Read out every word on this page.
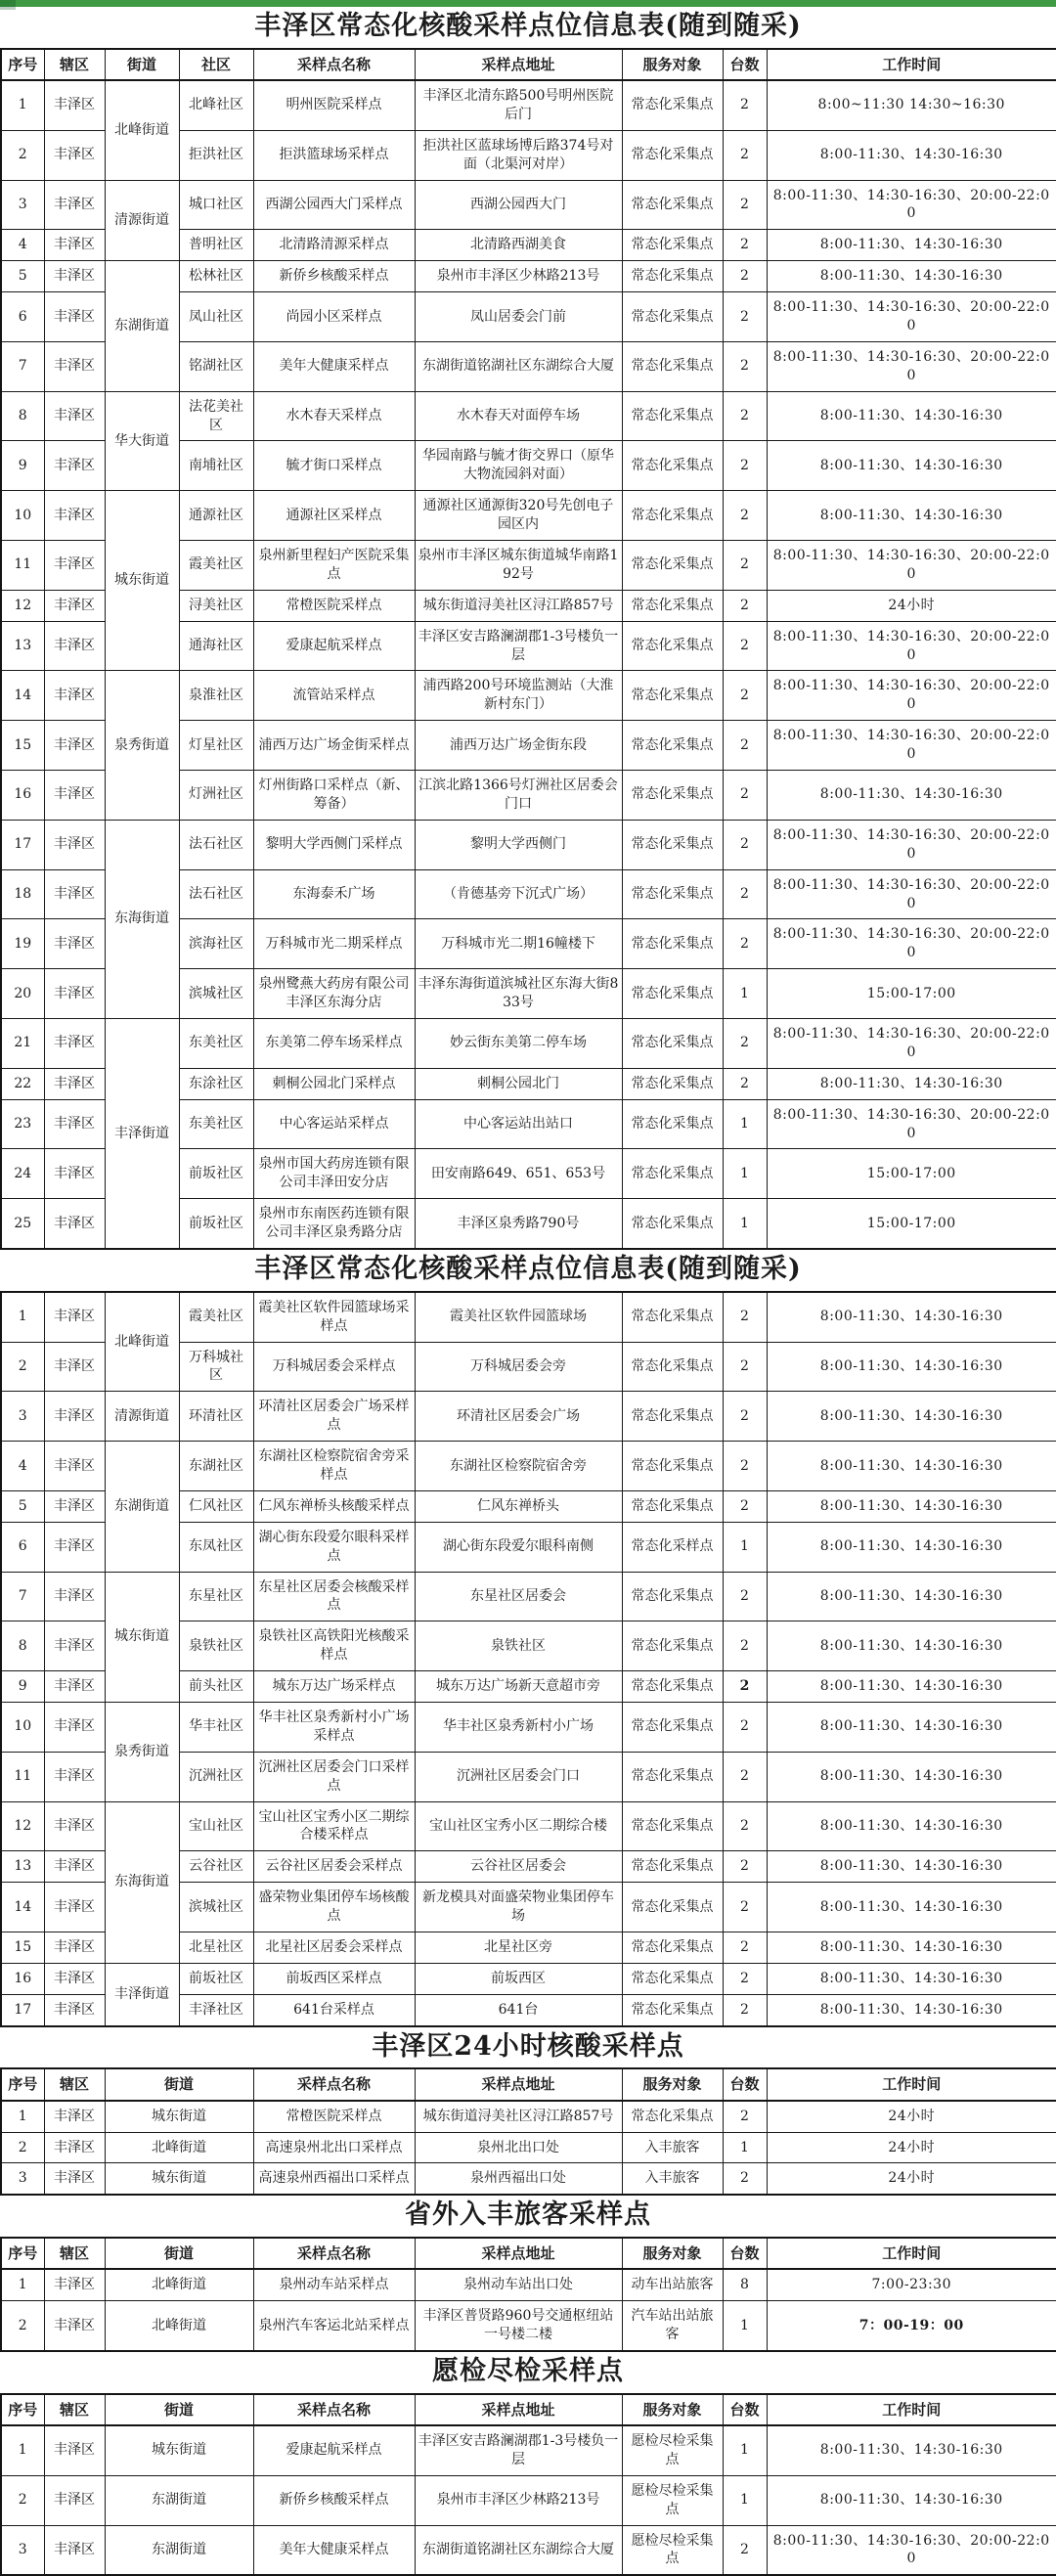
丰泽区常态化核酸采样点位信息表(随到随采)
序号	辖区	街道	社区	采样点名称	采样点地址	服务对象	台数	工作时间
1	丰泽区	北峰街道	北峰社区	明州医院采样点	丰泽区北清东路500号明州医院后门	常态化采集点	2	8:00~11:30 14:30~16:30
2	丰泽区		拒洪社区	拒洪篮球场采样点	拒洪社区蓝球场博后路374号对面（北渠河对岸）	常态化采集点	2	8:00-11:30、14:30-16:30
3	丰泽区	清源街道	城口社区	西湖公园西大门采样点	西湖公园西大门	常态化采集点	2	8:00-11:30、14:30-16:30、20:00-22:00
4	丰泽区		普明社区	北清路清源采样点	北清路西湖美食	常态化采集点	2	8:00-11:30、14:30-16:30
5	丰泽区	东湖街道	松林社区	新侨乡核酸采样点	泉州市丰泽区少林路213号	常态化采集点	2	8:00-11:30、14:30-16:30
6	丰泽区		凤山社区	尚园小区采样点	凤山居委会门前	常态化采集点	2	8:00-11:30、14:30-16:30、20:00-22:00
7	丰泽区		铭湖社区	美年大健康采样点	东湖街道铭湖社区东湖综合大厦	常态化采集点	2	8:00-11:30、14:30-16:30、20:00-22:00
8	丰泽区	华大街道	法花美社区	水木春天采样点	水木春天对面停车场	常态化采集点	2	8:00-11:30、14:30-16:30
9	丰泽区		南埔社区	毓才街口采样点	华园南路与毓才街交界口（原华大物流园斜对面）	常态化采集点	2	8:00-11:30、14:30-16:30
10	丰泽区	城东街道	通源社区	通源社区采样点	通源社区通源街320号先创电子园区内	常态化采集点	2	8:00-11:30、14:30-16:30
11	丰泽区		霞美社区	泉州新里程妇产医院采集点	泉州市丰泽区城东街道城华南路192号	常态化采集点	2	8:00-11:30、14:30-16:30、20:00-22:00
12	丰泽区		浔美社区	常橙医院采样点	城东街道浔美社区浔江路857号	常态化采集点	2	24小时
13	丰泽区		通海社区	爱康起航采样点	丰泽区安吉路澜湖郡1-3号楼负一层	常态化采集点	2	8:00-11:30、14:30-16:30、20:00-22:00
14	丰泽区	泉秀街道	泉淮社区	流管站采样点	浦西路200号环境监测站（大淮新村东门）	常态化采集点	2	8:00-11:30、14:30-16:30、20:00-22:00
15	丰泽区		灯星社区	浦西万达广场金街采样点	浦西万达广场金街东段	常态化采集点	2	8:00-11:30、14:30-16:30、20:00-22:00
16	丰泽区		灯洲社区	灯州街路口采样点（新、筹备）	江滨北路1366号灯洲社区居委会门口	常态化采集点	2	8:00-11:30、14:30-16:30
17	丰泽区	东海街道	法石社区	黎明大学西侧门采样点	黎明大学西侧门	常态化采集点	2	8:00-11:30、14:30-16:30、20:00-22:00
18	丰泽区		法石社区	东海泰禾广场	（肯德基旁下沉式广场）	常态化采集点	2	8:00-11:30、14:30-16:30、20:00-22:00
19	丰泽区		滨海社区	万科城市光二期采样点	万科城市光二期16幢楼下	常态化采集点	2	8:00-11:30、14:30-16:30、20:00-22:00
20	丰泽区		滨城社区	泉州鹭燕大药房有限公司丰泽区东海分店	丰泽东海街道滨城社区东海大街833号	常态化采集点	1	15:00-17:00
21	丰泽区	丰泽街道	东美社区	东美第二停车场采样点	妙云街东美第二停车场	常态化采集点	2	8:00-11:30、14:30-16:30、20:00-22:00
22	丰泽区		东涂社区	刺桐公园北门采样点	刺桐公园北门	常态化采集点	2	8:00-11:30、14:30-16:30
23	丰泽区		东美社区	中心客运站采样点	中心客运站出站口	常态化采集点	1	8:00-11:30、14:30-16:30、20:00-22:00
24	丰泽区		前坂社区	泉州市国大药房连锁有限公司丰泽田安分店	田安南路649、651、653号	常态化采集点	1	15:00-17:00
25	丰泽区		前坂社区	泉州市东南医药连锁有限公司丰泽区泉秀路分店	丰泽区泉秀路790号	常态化采集点	1	15:00-17:00
丰泽区常态化核酸采样点位信息表(随到随采)
1	丰泽区	北峰街道	霞美社区	霞美社区软件园篮球场采样点	霞美社区软件园篮球场	常态化采集点	2	8:00-11:30、14:30-16:30
2	丰泽区		万科城社区	万科城居委会采样点	万科城居委会旁	常态化采集点	2	8:00-11:30、14:30-16:30
3	丰泽区	清源街道	环清社区	环清社区居委会广场采样点	环清社区居委会广场	常态化采集点	2	8:00-11:30、14:30-16:30
4	丰泽区	东湖街道	东湖社区	东湖社区检察院宿舍旁采样点	东湖社区检察院宿舍旁	常态化采集点	2	8:00-11:30、14:30-16:30
5	丰泽区		仁风社区	仁风东禅桥头核酸采样点	仁风东禅桥头	常态化采集点	2	8:00-11:30、14:30-16:30
6	丰泽区		东凤社区	湖心街东段爱尔眼科采样点	湖心街东段爱尔眼科南侧	常态化采样点	1	8:00-11:30、14:30-16:30
7	丰泽区	城东街道	东星社区	东星社区居委会核酸采样点	东星社区居委会	常态化采集点	2	8:00-11:30、14:30-16:30
8	丰泽区		泉铁社区	泉铁社区高铁阳光核酸采样点	泉铁社区	常态化采集点	2	8:00-11:30、14:30-16:30
9	丰泽区		前头社区	城东万达广场采样点	城东万达广场新天意超市旁	常态化采集点	2	8:00-11:30、14:30-16:30
10	丰泽区	泉秀街道	华丰社区	华丰社区泉秀新村小广场采样点	华丰社区泉秀新村小广场	常态化采集点	2	8:00-11:30、14:30-16:30
11	丰泽区		沉洲社区	沉洲社区居委会门口采样点	沉洲社区居委会门口	常态化采集点	2	8:00-11:30、14:30-16:30
12	丰泽区	东海街道	宝山社区	宝山社区宝秀小区二期综合楼采样点	宝山社区宝秀小区二期综合楼	常态化采集点	2	8:00-11:30、14:30-16:30
13	丰泽区		云谷社区	云谷社区居委会采样点	云谷社区居委会	常态化采集点	2	8:00-11:30、14:30-16:30
14	丰泽区		滨城社区	盛荣物业集团停车场核酸点	新龙模具对面盛荣物业集团停车场	常态化采集点	2	8:00-11:30、14:30-16:30
15	丰泽区		北星社区	北星社区居委会采样点	北星社区旁	常态化采集点	2	8:00-11:30、14:30-16:30
16	丰泽区	丰泽街道	前坂社区	前坂西区采样点	前坂西区	常态化采集点	2	8:00-11:30、14:30-16:30
17	丰泽区		丰泽社区	641台采样点	641台	常态化采集点	2	8:00-11:30、14:30-16:30
丰泽区24小时核酸采样点
序号	辖区	街道	采样点名称	采样点地址	服务对象	台数	工作时间
1	丰泽区	城东街道	常橙医院采样点	城东街道浔美社区浔江路857号	常态化采集点	2	24小时
2	丰泽区	北峰街道	高速泉州北出口采样点	泉州北出口处	入丰旅客	1	24小时
3	丰泽区	城东街道	高速泉州西福出口采样点	泉州西福出口处	入丰旅客	2	24小时
省外入丰旅客采样点
序号	辖区	街道	采样点名称	采样点地址	服务对象	台数	工作时间
1	丰泽区	北峰街道	泉州动车站采样点	泉州动车站出口处	动车出站旅客	8	7:00-23:30
2	丰泽区	北峰街道	泉州汽车客运北站采样点	丰泽区普贤路960号交通枢纽站一号楼二楼	汽车站出站旅客	1	7：00-19：00
愿检尽检采样点
序号	辖区	街道	采样点名称	采样点地址	服务对象	台数	工作时间
1	丰泽区	城东街道	爱康起航采样点	丰泽区安吉路澜湖郡1-3号楼负一层	愿检尽检采集点	1	8:00-11:30、14:30-16:30
2	丰泽区	东湖街道	新侨乡核酸采样点	泉州市丰泽区少林路213号	愿检尽检采集点	1	8:00-11:30、14:30-16:30
3	丰泽区	东湖街道	美年大健康采样点	东湖街道铭湖社区东湖综合大厦	愿检尽检采集点	2	8:00-11:30、14:30-16:30、20:00-22:00
